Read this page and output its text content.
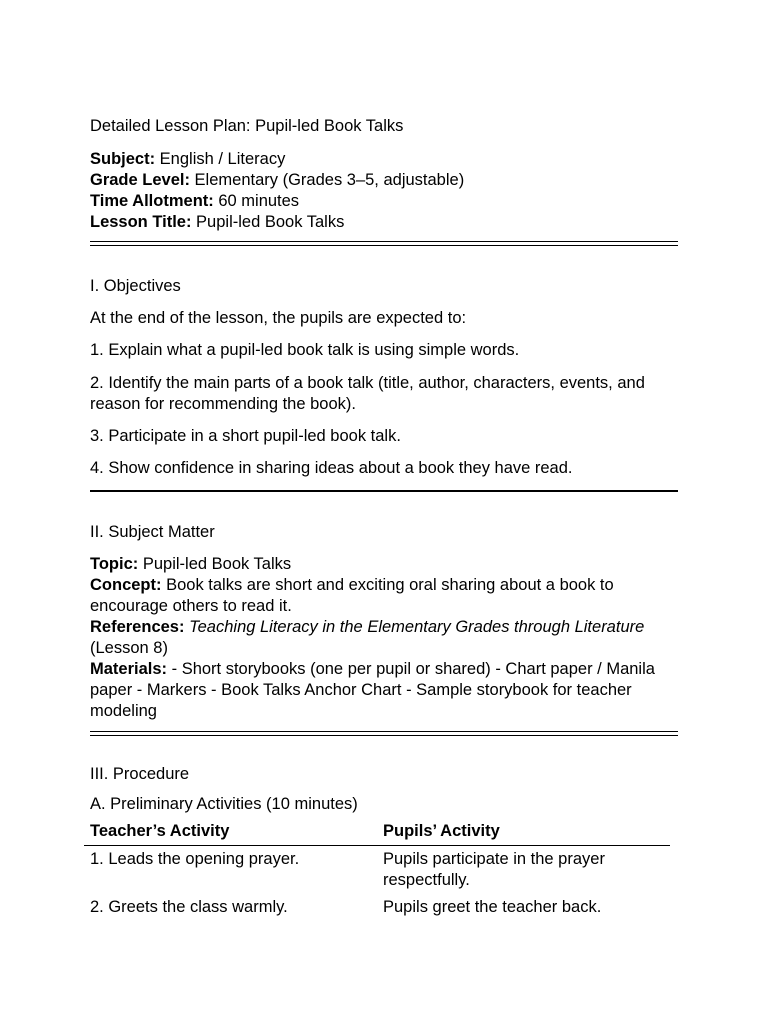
Detailed Lesson Plan: Pupil-led Book Talks

Subject: English / Literacy
Grade Level: Elementary (Grades 3–5, adjustable)
Time Allotment: 60 minutes
Lesson Title: Pupil-led Book Talks

I. Objectives

At the end of the lesson, the pupils are expected to:

1. Explain what a pupil-led book talk is using simple words.

2. Identify the main parts of a book talk (title, author, characters, events, and reason for recommending the book).

3. Participate in a short pupil-led book talk.

4. Show confidence in sharing ideas about a book they have read.

II. Subject Matter

Topic: Pupil-led Book Talks
Concept: Book talks are short and exciting oral sharing about a book to encourage others to read it.
References: Teaching Literacy in the Elementary Grades through Literature (Lesson 8)
Materials: - Short storybooks (one per pupil or shared) - Chart paper / Manila paper - Markers - Book Talks Anchor Chart - Sample storybook for teacher modeling

III. Procedure

A. Preliminary Activities (10 minutes)

Teacher’s Activity	Pupils’ Activity
1. Leads the opening prayer.	Pupils participate in the prayer respectfully.
2. Greets the class warmly.	Pupils greet the teacher back.
